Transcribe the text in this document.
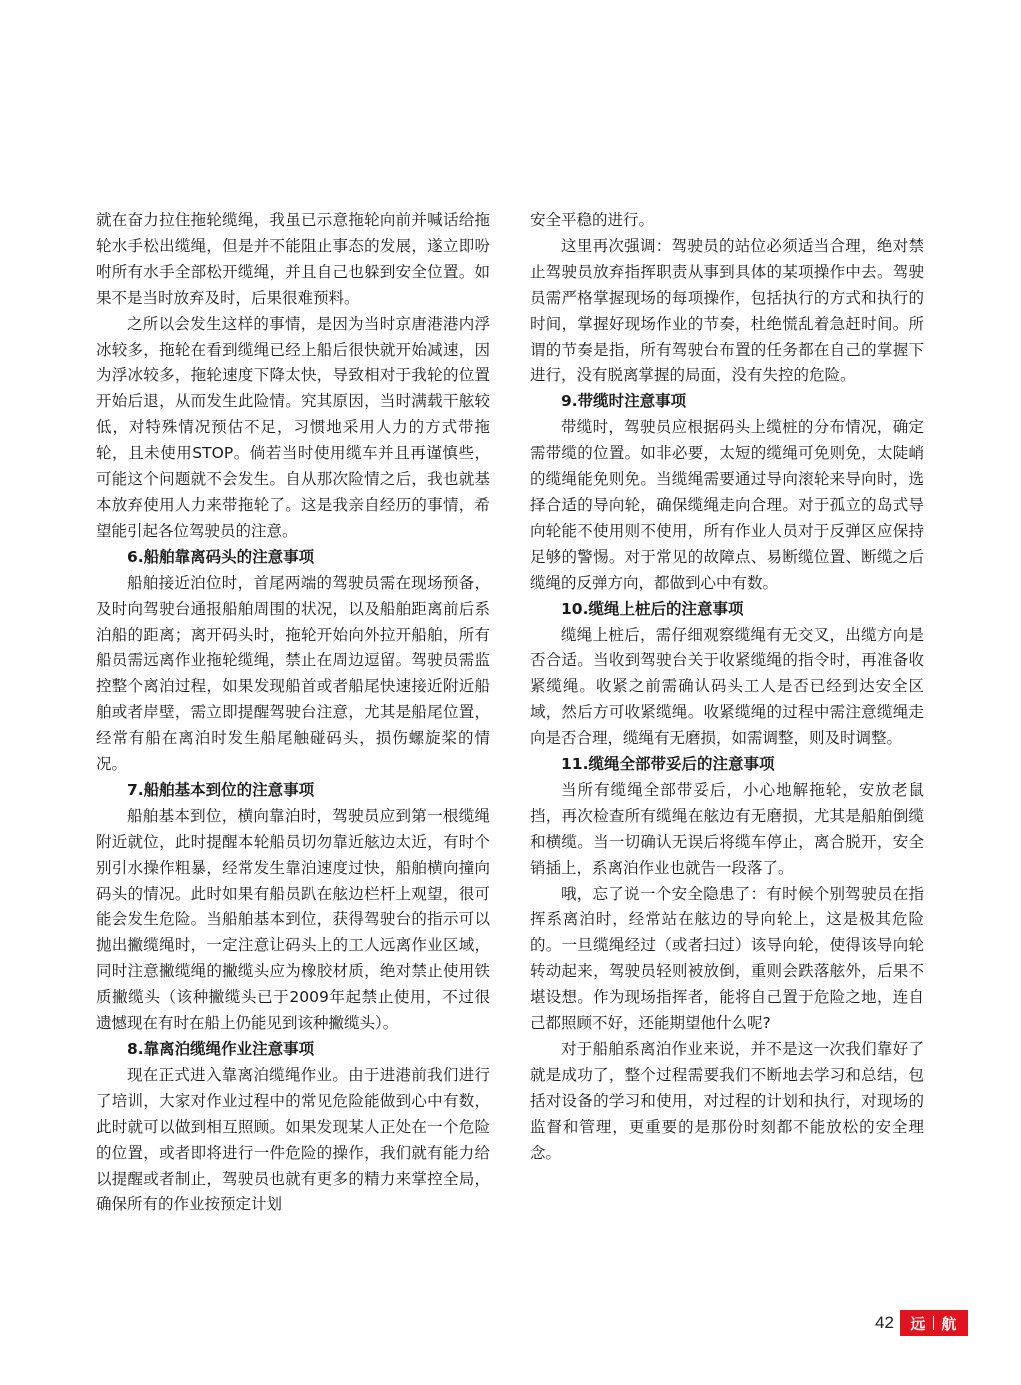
就在奋力拉住拖轮缆绳，我虽已示意拖轮向前并喊话给拖轮水手松出缆绳，但是并不能阻止事态的发展，遂立即吩咐所有水手全部松开缆绳，并且自己也躲到安全位置。如果不是当时放弃及时，后果很难预料。

之所以会发生这样的事情，是因为当时京唐港港内浮冰较多，拖轮在看到缆绳已经上船后很快就开始减速，因为浮冰较多，拖轮速度下降太快，导致相对于我轮的位置开始后退，从而发生此险情。究其原因，当时满载干舷较低，对特殊情况预估不足，习惯地采用人力的方式带拖轮，且未使用STOP。倘若当时使用缆车并且再谨慎些，可能这个问题就不会发生。自从那次险情之后，我也就基本放弃使用人力来带拖轮了。这是我亲自经历的事情，希望能引起各位驾驶员的注意。

6.船舶靠离码头的注意事项

船舶接近泊位时，首尾两端的驾驶员需在现场预备，及时向驾驶台通报船舶周围的状况，以及船舶距离前后系泊船的距离；离开码头时，拖轮开始向外拉开船舶，所有船员需远离作业拖轮缆绳，禁止在周边逗留。驾驶员需监控整个离泊过程，如果发现船首或者船尾快速接近附近船舶或者岸壁，需立即提醒驾驶台注意，尤其是船尾位置，经常有船在离泊时发生船尾触碰码头，损伤螺旋桨的情况。

7.船舶基本到位的注意事项

船舶基本到位，横向靠泊时，驾驶员应到第一根缆绳附近就位，此时提醒本轮船员切勿靠近舷边太近，有时个别引水操作粗暴，经常发生靠泊速度过快，船舶横向撞向码头的情况。此时如果有船员趴在舷边栏杆上观望，很可能会发生危险。当船舶基本到位，获得驾驶台的指示可以抛出撇缆绳时，一定注意让码头上的工人远离作业区域，同时注意撇缆绳的撇缆头应为橡胶材质，绝对禁止使用铁质撇缆头（该种撇缆头已于2009年起禁止使用，不过很遗憾现在有时在船上仍能见到该种撇缆头）。

8.靠离泊缆绳作业注意事项

现在正式进入靠离泊缆绳作业。由于进港前我们进行了培训，大家对作业过程中的常见危险能做到心中有数，此时就可以做到相互照顾。如果发现某人正处在一个危险的位置，或者即将进行一件危险的操作，我们就有能力给以提醒或者制止，驾驶员也就有更多的精力来掌控全局，确保所有的作业按预定计划

安全平稳的进行。

这里再次强调：驾驶员的站位必须适当合理，绝对禁止驾驶员放弃指挥职责从事到具体的某项操作中去。驾驶员需严格掌握现场的每项操作，包括执行的方式和执行的时间，掌握好现场作业的节奏，杜绝慌乱着急赶时间。所谓的节奏是指，所有驾驶台布置的任务都在自己的掌握下进行，没有脱离掌握的局面，没有失控的危险。

9.带缆时注意事项

带缆时，驾驶员应根据码头上缆桩的分布情况，确定需带缆的位置。如非必要，太短的缆绳可免则免，太陡峭的缆绳能免则免。当缆绳需要通过导向滚轮来导向时，选择合适的导向轮，确保缆绳走向合理。对于孤立的岛式导向轮能不使用则不使用，所有作业人员对于反弹区应保持足够的警惕。对于常见的故障点、易断缆位置、断缆之后缆绳的反弹方向，都做到心中有数。

10.缆绳上桩后的注意事项

缆绳上桩后，需仔细观察缆绳有无交叉，出缆方向是否合适。当收到驾驶台关于收紧缆绳的指令时，再准备收紧缆绳。收紧之前需确认码头工人是否已经到达安全区域，然后方可收紧缆绳。收紧缆绳的过程中需注意缆绳走向是否合理，缆绳有无磨损，如需调整，则及时调整。

11.缆绳全部带妥后的注意事项

当所有缆绳全部带妥后，小心地解拖轮，安放老鼠挡，再次检查所有缆绳在舷边有无磨损，尤其是船舶倒缆和横缆。当一切确认无误后将缆车停止，离合脱开，安全销插上，系离泊作业也就告一段落了。

哦，忘了说一个安全隐患了：有时候个别驾驶员在指挥系离泊时，经常站在舷边的导向轮上，这是极其危险的。一旦缆绳经过（或者扫过）该导向轮，使得该导向轮转动起来，驾驶员轻则被放倒，重则会跌落舷外，后果不堪设想。作为现场指挥者，能将自己置于危险之地，连自己都照顾不好，还能期望他什么呢?

对于船舶系离泊作业来说，并不是这一次我们靠好了就是成功了，整个过程需要我们不断地去学习和总结，包括对设备的学习和使用，对过程的计划和执行，对现场的监督和管理，更重要的是那份时刻都不能放松的安全理念。

42 远 航
